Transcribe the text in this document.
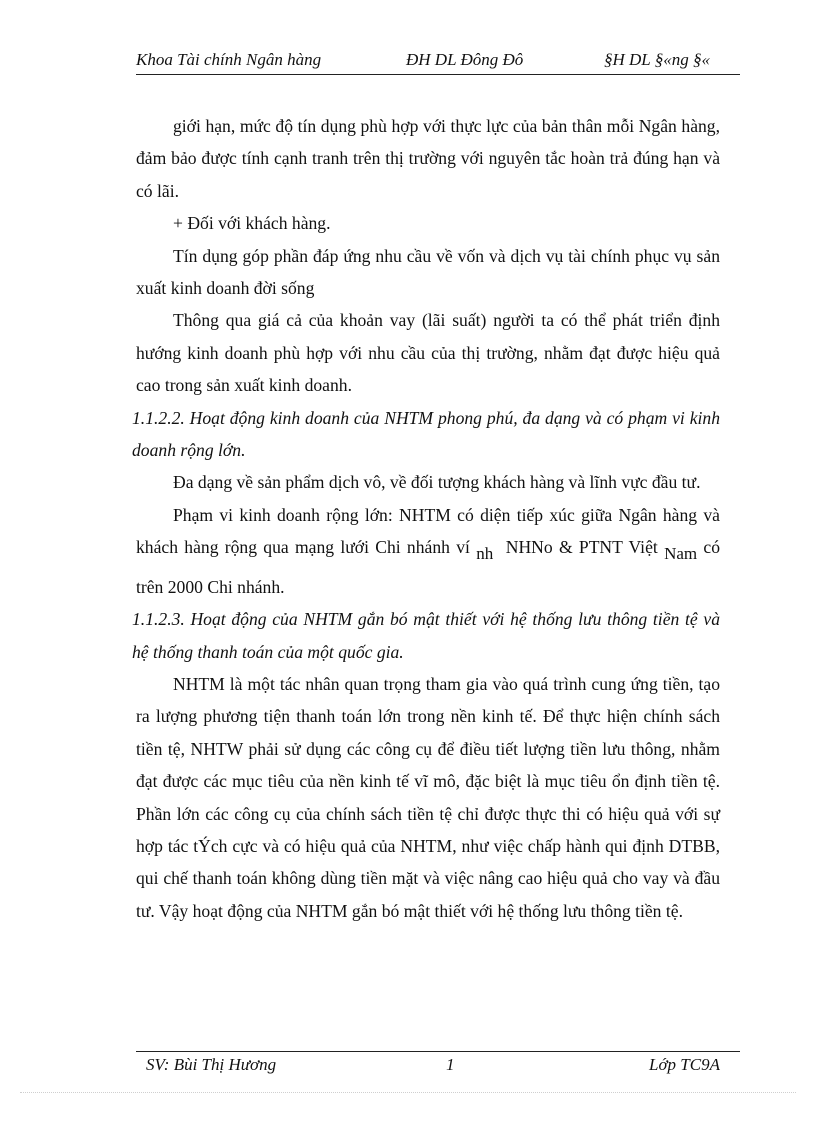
Khoa Tài chính Ngân hàng	ĐH DL Đông Đô	§H DL §«ng §«

giới hạn, mức độ tín dụng phù hợp với thực lực của bản thân mỗi Ngân hàng, đảm bảo được tính cạnh tranh trên thị trường với nguyên tắc hoàn trả đúng hạn và có lãi.

+ Đối với khách hàng.

Tín dụng góp phần đáp ứng nhu cầu về vốn và dịch vụ tài chính phục vụ sản xuất kinh doanh đời sống

Thông qua giá cả của khoản vay (lãi suất) người ta có thể phát triển định hướng kinh doanh phù hợp với nhu cầu của thị trường, nhằm đạt được hiệu quả cao trong sản xuất kinh doanh.

1.1.2.2. Hoạt động kinh doanh của NHTM phong phú, đa dạng và có phạm vi kinh doanh rộng lớn.

Đa dạng về sản phẩm dịch vô, về đối tượng khách hàng và lĩnh vực đầu tư.

Phạm vi kinh doanh rộng lớn: NHTM có diện tiếp xúc giữa Ngân hàng và khách hàng rộng qua mạng lưới Chi nhánh ví nh NHNo & PTNT Việt Nam có trên 2000 Chi nhánh.

1.1.2.3. Hoạt động của NHTM gắn bó mật thiết với hệ thống lưu thông tiền tệ và hệ thống thanh toán của một quốc gia.

NHTM là một tác nhân quan trọng tham gia vào quá trình cung ứng tiền, tạo ra lượng phương tiện thanh toán lớn trong nền kinh tế. Để thực hiện chính sách tiền tệ, NHTW phải sử dụng các công cụ để điều tiết lượng tiền lưu thông, nhằm đạt được các mục tiêu của nền kinh tế vĩ mô, đặc biệt là mục tiêu ổn định tiền tệ. Phần lớn các công cụ của chính sách tiền tệ chỉ được thực thi có hiệu quả với sự hợp tác tÝch cực và có hiệu quả của NHTM, như việc chấp hành qui định DTBB, qui chế thanh toán không dùng tiền mặt và việc nâng cao hiệu quả cho vay và đầu tư. Vậy hoạt động của NHTM gắn bó mật thiết với hệ thống lưu thông tiền tệ.

SV: Bùi Thị Hương	1	Lớp TC9A
